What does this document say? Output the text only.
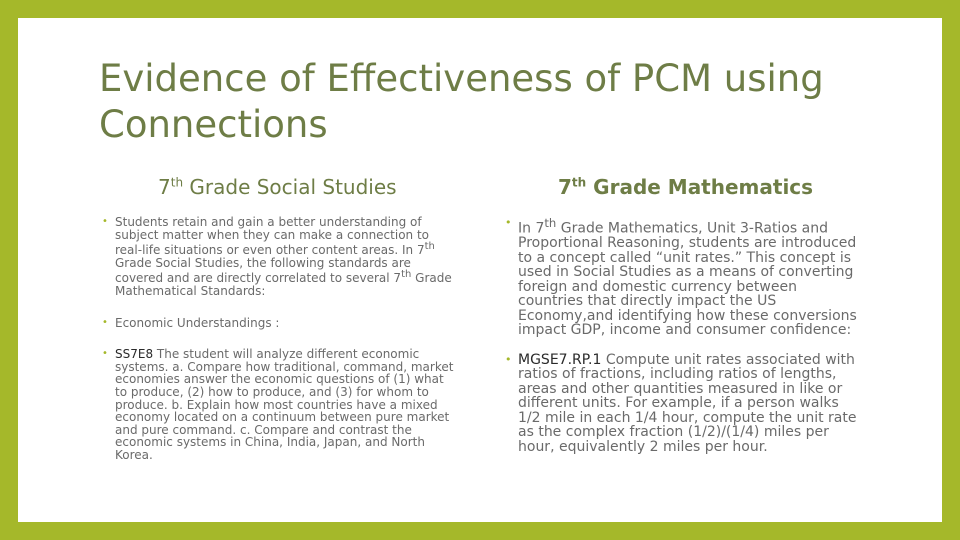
Evidence of Effectiveness of PCM using Connections
7th Grade Social Studies	7th Grade Mathematics
• Students retain and gain a better understanding of subject matter when they can make a connection to real-life situations or even other content areas. In 7th Grade Social Studies, the following standards are covered and are directly correlated to several 7th Grade Mathematical Standards:
• Economic Understandings :
• SS7E8 The student will analyze different economic systems. a. Compare how traditional, command, market economies answer the economic questions of (1) what to produce, (2) how to produce, and (3) for whom to produce. b. Explain how most countries have a mixed economy located on a continuum between pure market and pure command. c. Compare and contrast the economic systems in China, India, Japan, and North Korea.
• In 7th Grade Mathematics, Unit 3-Ratios and Proportional Reasoning, students are introduced to a concept called “unit rates.” This concept is used in Social Studies as a means of converting foreign and domestic currency between countries that directly impact the US Economy,and identifying how these conversions impact GDP, income and consumer confidence:
• MGSE7.RP.1 Compute unit rates associated with ratios of fractions, including ratios of lengths, areas and other quantities measured in like or different units. For example, if a person walks 1/2 mile in each 1/4 hour, compute the unit rate as the complex fraction (1/2)/(1/4) miles per hour, equivalently 2 miles per hour.
